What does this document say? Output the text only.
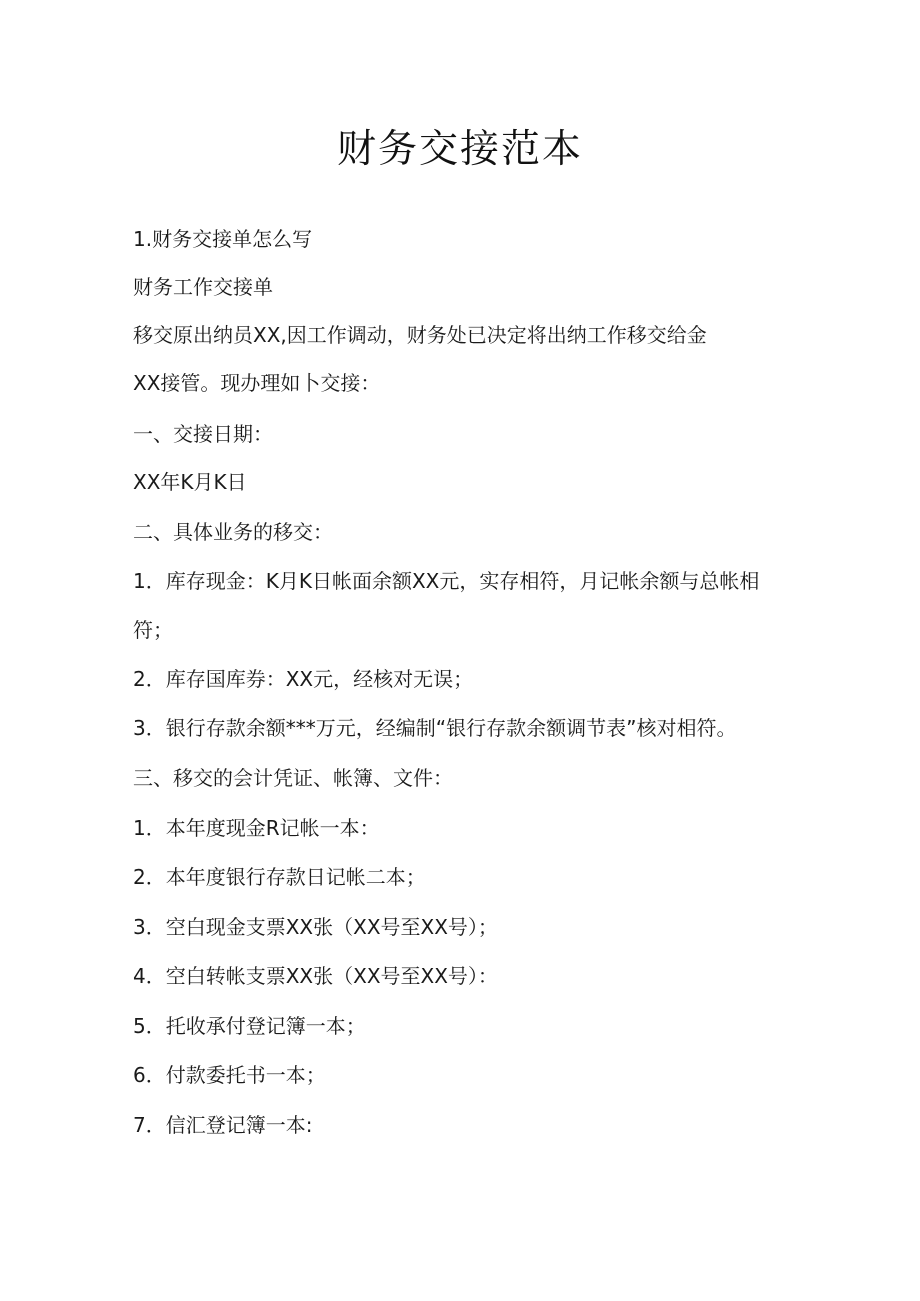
财务交接范本

1.财务交接单怎么写

财务工作交接单

移交原出纳员XX,因工作调动，财务处已决定将出纳工作移交给金

XX接管。现办理如卜交接：

一、交接日期：

XX年K月K日

二、具体业务的移交：

1．库存现金：K月K日帐面余额XX元，实存相符，月记帐余额与总帐相

符；

2．库存国库券：XX元，经核对无误；

3．银行存款余额***万元，经编制“银行存款余额调节表”核对相符。

三、移交的会计凭证、帐簿、文件：

1．本年度现金R记帐一本：

2．本年度银行存款日记帐二本；

3．空白现金支票XX张（XX号至XX号）；

4．空白转帐支票XX张（XX号至XX号）：

5．托收承付登记簿一本；

6．付款委托书一本；

7．信汇登记簿一本:
